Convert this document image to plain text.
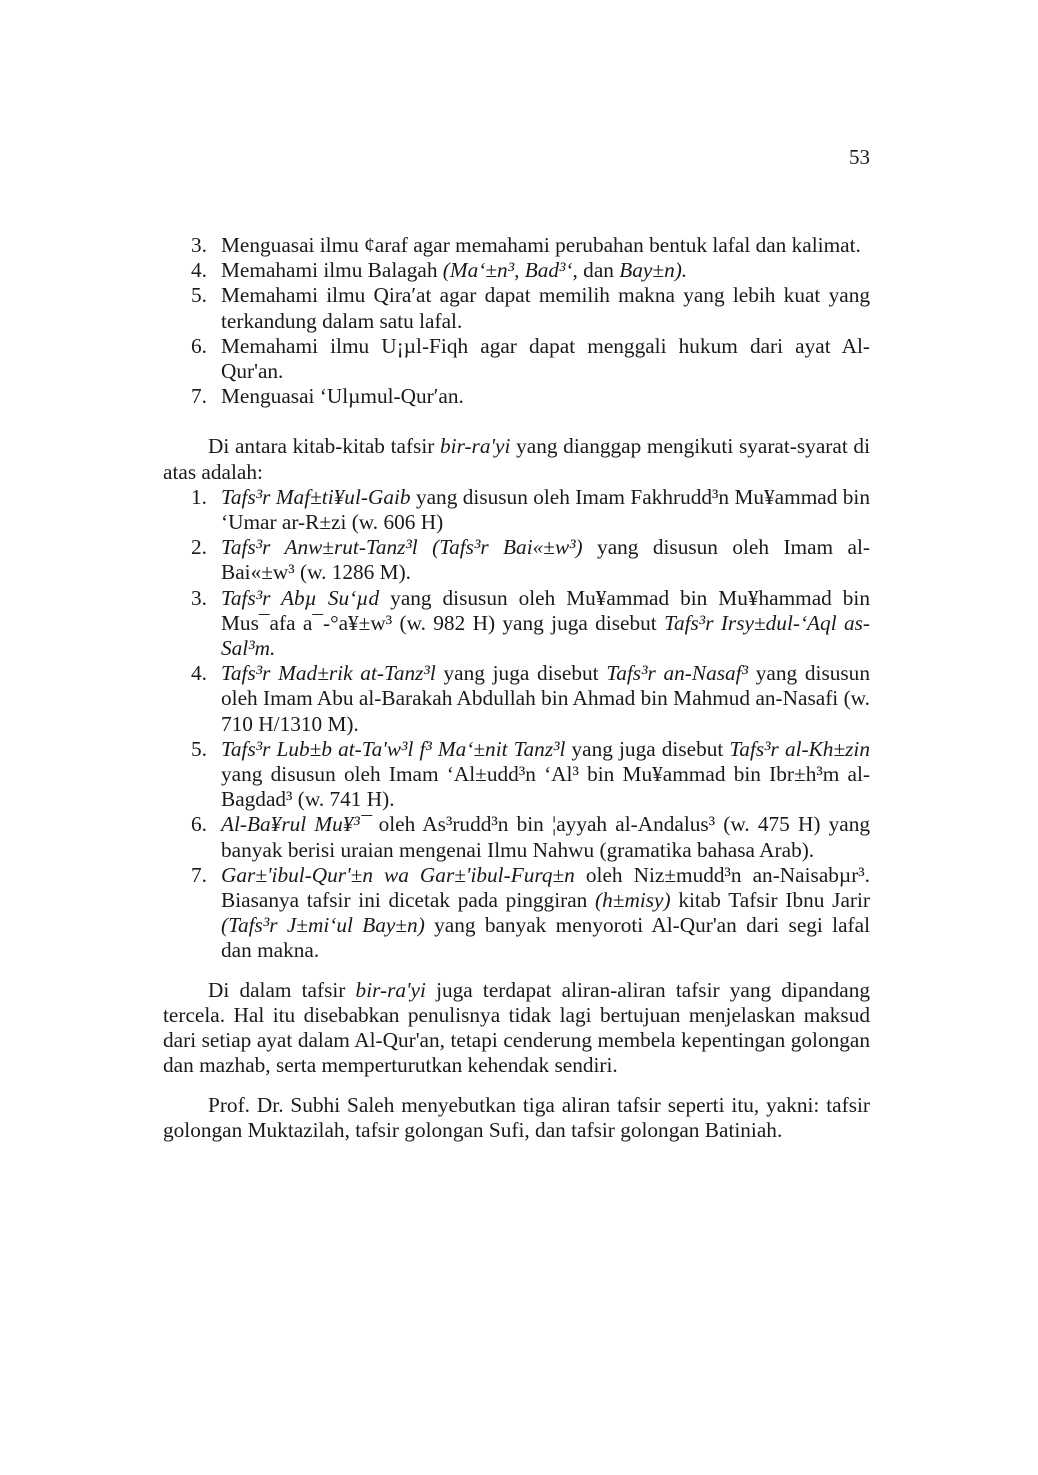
53
3. Menguasai ilmu ¢araf agar memahami perubahan bentuk lafal dan kalimat.
4. Memahami ilmu Balagah (Ma‘±n³, Bad³‘, dan Bay±n).
5. Memahami ilmu Qira′at agar dapat memilih makna yang lebih kuat yang terkandung dalam satu lafal.
6. Memahami ilmu U¡µl-Fiqh agar dapat menggali hukum dari ayat Al-Qur'an.
7. Menguasai ‘Ulµmul-Qur′an.

Di antara kitab-kitab tafsir bir-ra'yi yang dianggap mengikuti syarat-syarat di atas adalah:

1. Tafs³r Maf±ti¥ul-Gaib yang disusun oleh Imam Fakhrudd³n Mu¥ammad bin ‘Umar ar-R±zi (w. 606 H)
2. Tafs³r Anw±rut-Tanz³l (Tafs³r Bai«±w³) yang disusun oleh Imam al-Bai«±w³ (w. 1286 M).
3. Tafs³r Abµ Su‘µd yang disusun oleh Mu¥ammad bin Mu¥hammad bin Mus¯afa a¯-°a¥±w³ (w. 982 H) yang juga disebut Tafs³r Irsy±dul-‘Aql as-Sal³m.
4. Tafs³r Mad±rik at-Tanz³l yang juga disebut Tafs³r an-Nasaf³ yang disusun oleh Imam Abu al-Barakah Abdullah bin Ahmad bin Mahmud an-Nasafi (w. 710 H/1310 M).
5. Tafs³r Lub±b at-Ta'w³l f³ Ma‘±nit Tanz³l yang juga disebut Tafs³r al-Kh±zin yang disusun oleh Imam ‘Al±udd³n ‘Al³ bin Mu¥ammad bin Ibr±h³m al-Bagdad³ (w. 741 H).
6. Al-Ba¥rul Mu¥³¯ oleh As³rudd³n bin ¦ayyah al-Andalus³ (w. 475 H) yang banyak berisi uraian mengenai Ilmu Nahwu (gramatika bahasa Arab).
7. Gar±'ibul-Qur'±n wa Gar±'ibul-Furq±n oleh Niz±mudd³n an-Naisabµr³. Biasanya tafsir ini dicetak pada pinggiran (h±misy) kitab Tafsir Ibnu Jarir (Tafs³r J±mi‘ul Bay±n) yang banyak menyoroti Al-Qur'an dari segi lafal dan makna.

Di dalam tafsir bir-ra'yi juga terdapat aliran-aliran tafsir yang dipandang tercela. Hal itu disebabkan penulisnya tidak lagi bertujuan menjelaskan maksud dari setiap ayat dalam Al-Qur'an, tetapi cenderung membela kepentingan golongan dan mazhab, serta memperturutkan kehendak sendiri.

Prof. Dr. Subhi Saleh menyebutkan tiga aliran tafsir seperti itu, yakni: tafsir golongan Muktazilah, tafsir golongan Sufi, dan tafsir golongan Batiniah.
